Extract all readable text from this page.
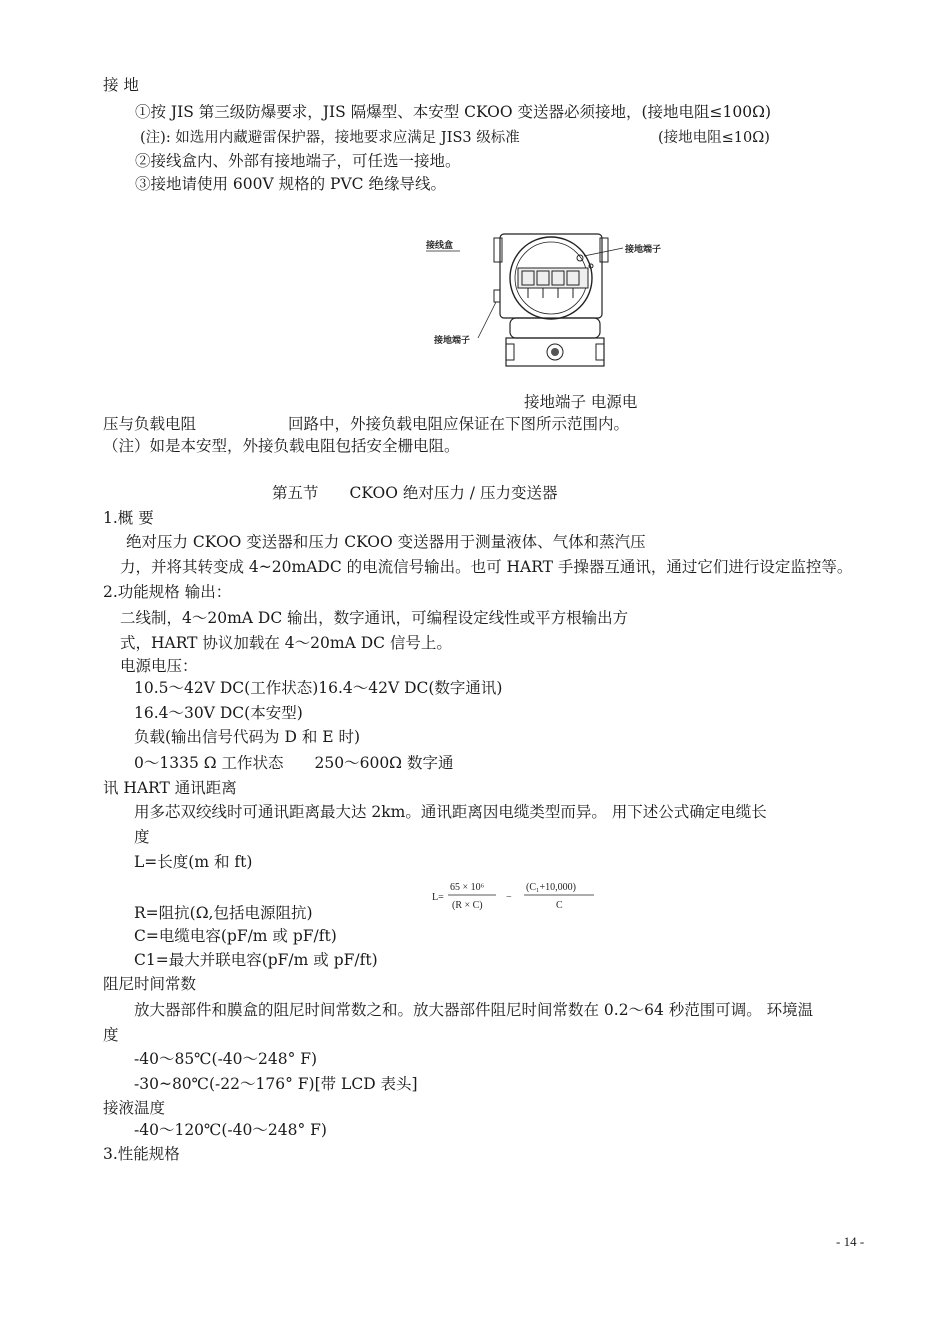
接 地
①按 JIS 第三级防爆要求，JIS 隔爆型、本安型 CKOO 变送器必须接地，(接地电阻≤100Ω)
(注): 如选用内藏避雷保护器，接地要求应满足 JIS3 级标准	(接地电阻≤10Ω)
②接线盒内、外部有接地端子，可任选一接地。
③接地请使用 600V 规格的 PVC 绝缘导线。
接线盒	接地端子
接地端子
接地端子 电源电
压与负载电阻	回路中，外接负载电阻应保证在下图所示范围内。
（注）如是本安型，外接负载电阻包括安全栅电阻。
第五节　　CKOO 绝对压力 / 压力变送器
1.概 要
绝对压力 CKOO 变送器和压力 CKOO 变送器用于测量液体、气体和蒸汽压
力，并将其转变成 4~20mADC 的电流信号输出。也可 HART 手操器互通讯，通过它们进行设定监控等。
2.功能规格 输出：
二线制，4～20mA DC 输出，数字通讯，可编程设定线性或平方根输出方
式，HART 协议加载在 4～20mA DC 信号上。
电源电压：
10.5～42V DC(工作状态)16.4～42V DC(数字通讯)
16.4～30V DC(本安型)
负载(输出信号代码为 D 和 E 时)
0～1335 Ω 工作状态　　250～600Ω 数字通
讯 HART 通讯距离
用多芯双绞线时可通讯距离最大达 2km。通讯距离因电缆类型而异。 用下述公式确定电缆长
度
L=长度(m 和 ft)
L=
65 × 10⁶
(R × C)
−
(C₁+10,000)
C
R=阻抗(Ω,包括电源阻抗)
C=电缆电容(pF/m 或 pF/ft)
C1=最大并联电容(pF/m 或 pF/ft)
阻尼时间常数
放大器部件和膜盒的阻尼时间常数之和。放大器部件阻尼时间常数在 0.2～64 秒范围可调。 环境温
度
-40～85℃(-40～248° F)
-30~80℃(-22～176° F)[带 LCD 表头]
接液温度
-40～120℃(-40～248° F)
3.性能规格
- 14 -
